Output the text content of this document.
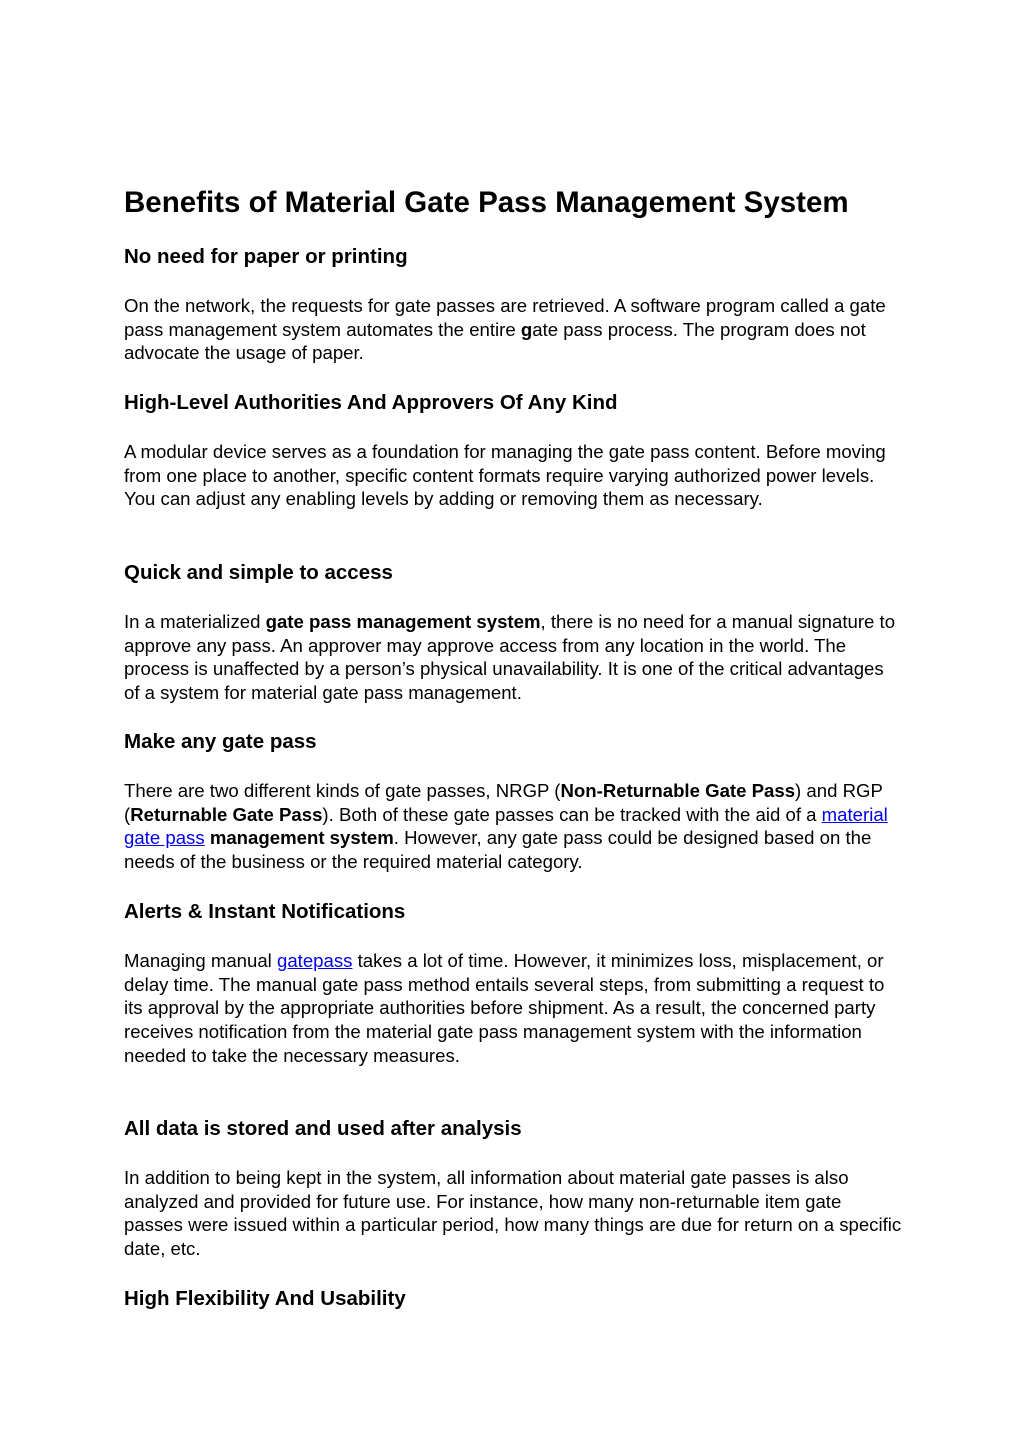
Benefits of Material Gate Pass Management System
No need for paper or printing

On the network, the requests for gate passes are retrieved. A software program called a gate pass management system automates the entire gate pass process. The program does not advocate the usage of paper.

High-Level Authorities And Approvers Of Any Kind

A modular device serves as a foundation for managing the gate pass content. Before moving from one place to another, specific content formats require varying authorized power levels. You can adjust any enabling levels by adding or removing them as necessary.

Quick and simple to access

In a materialized gate pass management system, there is no need for a manual signature to approve any pass. An approver may approve access from any location in the world. The process is unaffected by a person’s physical unavailability. It is one of the critical advantages of a system for material gate pass management.

Make any gate pass

There are two different kinds of gate passes, NRGP (Non-Returnable Gate Pass) and RGP (Returnable Gate Pass). Both of these gate passes can be tracked with the aid of a material gate pass management system. However, any gate pass could be designed based on the needs of the business or the required material category.

Alerts & Instant Notifications

Managing manual gatepass takes a lot of time. However, it minimizes loss, misplacement, or delay time. The manual gate pass method entails several steps, from submitting a request to its approval by the appropriate authorities before shipment. As a result, the concerned party receives notification from the material gate pass management system with the information needed to take the necessary measures.

All data is stored and used after analysis

In addition to being kept in the system, all information about material gate passes is also analyzed and provided for future use. For instance, how many non-returnable item gate passes were issued within a particular period, how many things are due for return on a specific date, etc.

High Flexibility And Usability
